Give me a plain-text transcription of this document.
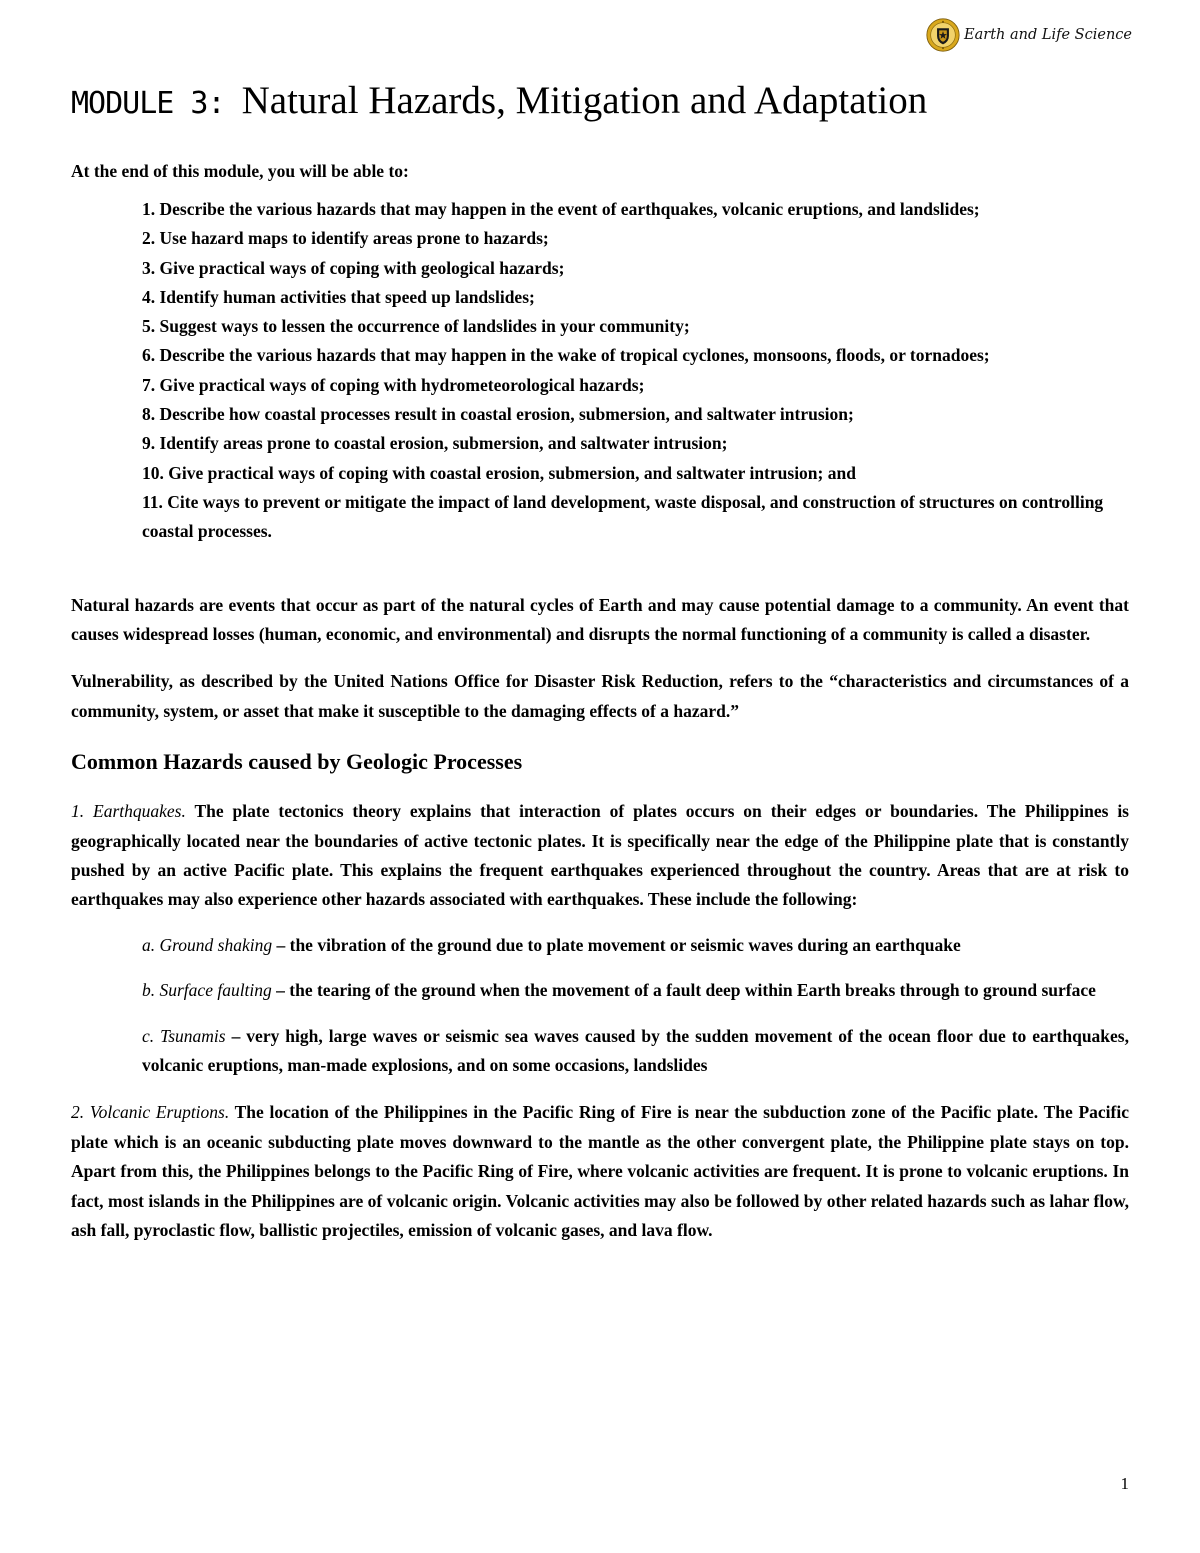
Earth and Life Science
MODULE 3: Natural Hazards, Mitigation and Adaptation

At the end of this module, you will be able to:

1. Describe the various hazards that may happen in the event of earthquakes, volcanic eruptions, and landslides;
2. Use hazard maps to identify areas prone to hazards;
3. Give practical ways of coping with geological hazards;
4. Identify human activities that speed up landslides;
5. Suggest ways to lessen the occurrence of landslides in your community;
6. Describe the various hazards that may happen in the wake of tropical cyclones, monsoons, floods, or tornadoes;
7. Give practical ways of coping with hydrometeorological hazards;
8. Describe how coastal processes result in coastal erosion, submersion, and saltwater intrusion;
9. Identify areas prone to coastal erosion, submersion, and saltwater intrusion;
10. Give practical ways of coping with coastal erosion, submersion, and saltwater intrusion; and
11. Cite ways to prevent or mitigate the impact of land development, waste disposal, and construction of structures on controlling coastal processes.

Natural hazards are events that occur as part of the natural cycles of Earth and may cause potential damage to a community. An event that causes widespread losses (human, economic, and environmental) and disrupts the normal functioning of a community is called a disaster.

Vulnerability, as described by the United Nations Office for Disaster Risk Reduction, refers to the “characteristics and circumstances of a community, system, or asset that make it susceptible to the damaging effects of a hazard.”

Common Hazards caused by Geologic Processes

1. Earthquakes. The plate tectonics theory explains that interaction of plates occurs on their edges or boundaries. The Philippines is geographically located near the boundaries of active tectonic plates. It is specifically near the edge of the Philippine plate that is constantly pushed by an active Pacific plate. This explains the frequent earthquakes experienced throughout the country. Areas that are at risk to earthquakes may also experience other hazards associated with earthquakes. These include the following:

a. Ground shaking – the vibration of the ground due to plate movement or seismic waves during an earthquake

b. Surface faulting – the tearing of the ground when the movement of a fault deep within Earth breaks through to ground surface

c. Tsunamis – very high, large waves or seismic sea waves caused by the sudden movement of the ocean floor due to earthquakes, volcanic eruptions, man-made explosions, and on some occasions, landslides

2. Volcanic Eruptions. The location of the Philippines in the Pacific Ring of Fire is near the subduction zone of the Pacific plate. The Pacific plate which is an oceanic subducting plate moves downward to the mantle as the other convergent plate, the Philippine plate stays on top. Apart from this, the Philippines belongs to the Pacific Ring of Fire, where volcanic activities are frequent. It is prone to volcanic eruptions. In fact, most islands in the Philippines are of volcanic origin. Volcanic activities may also be followed by other related hazards such as lahar flow, ash fall, pyroclastic flow, ballistic projectiles, emission of volcanic gases, and lava flow.

1
